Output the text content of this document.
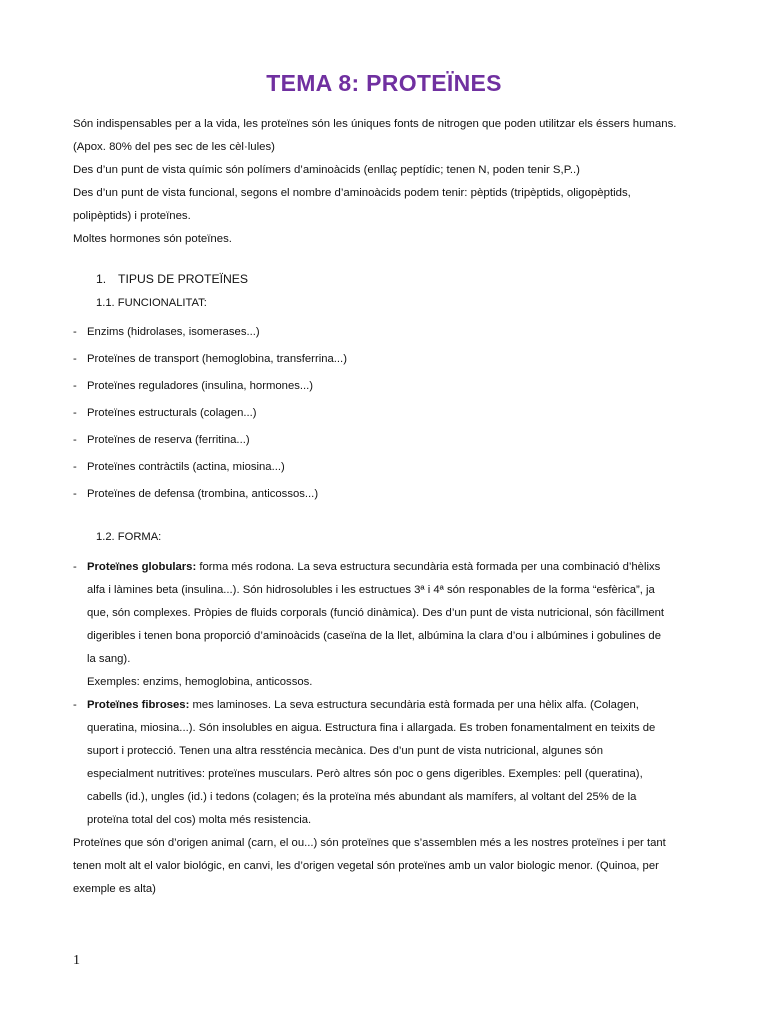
TEMA 8: PROTEÏNES

Són indispensables per a la vida, les proteïnes són les úniques fonts de nitrogen que poden utilitzar els éssers humans.

(Apox. 80% del pes sec de les cèl·lules)

Des d’un punt de vista químic són polímers d’aminoàcids (enllaç peptídic; tenen N, poden tenir S,P..)

Des d’un punt de vista funcional, segons el nombre d’aminoàcids podem tenir: pèptids (tripèptids, oligopèptids,

polipèptids) i proteïnes.

Moltes hormones són poteïnes.

1. TIPUS DE PROTEÏNES
1.1. FUNCIONALITAT:
- Enzims (hidrolases, isomerases...)
- Proteïnes de transport (hemoglobina, transferrina...)
- Proteïnes reguladores (insulina, hormones...)
- Proteïnes estructurals (colagen...)
- Proteïnes de reserva (ferritina...)
- Proteïnes contràctils (actina, miosina...)
- Proteïnes de defensa (trombina, anticossos...)
1.2. FORMA:
- Proteïnes globulars: forma més rodona. La seva estructura secundària està formada per una combinació d’hèlixs

alfa i làmines beta (insulina...). Són hidrosolubles i les estructues 3ª i 4ª són responables de la forma “esfèrica”, ja

que, són complexes. Pròpies de fluids corporals (funció dinàmica). Des d’un punt de vista nutricional, són fàcillment

digeribles i tenen bona proporció d’aminoàcids (caseïna de la llet, albúmina la clara d’ou i albúmines i gobulines de

la sang).

Exemples: enzims, hemoglobina, anticossos.

- Proteïnes fibroses: mes laminoses. La seva estructura secundària està formada per una hèlix alfa. (Colagen,

queratina, miosina...). Són insolubles en aigua. Estructura fina i allargada. Es troben fonamentalment en teixits de

suport i protecció. Tenen una altra ressténcia mecànica. Des d’un punt de vista nutricional, algunes són

especialment nutritives: proteïnes musculars. Però altres són poc o gens digeribles. Exemples: pell (queratina),

cabells (id.), ungles (id.) i tedons (colagen; és la proteïna més abundant als mamífers, al voltant del 25% de la

proteïna total del cos) molta més resistencia.

Proteïnes que són d’origen animal (carn, el ou...) són proteïnes que s’assemblen més a les nostres proteïnes i per tant

tenen molt alt el valor biológic, en canvi, les d’origen vegetal són proteïnes amb un valor biologic menor. (Quinoa, per

exemple es alta)

1
